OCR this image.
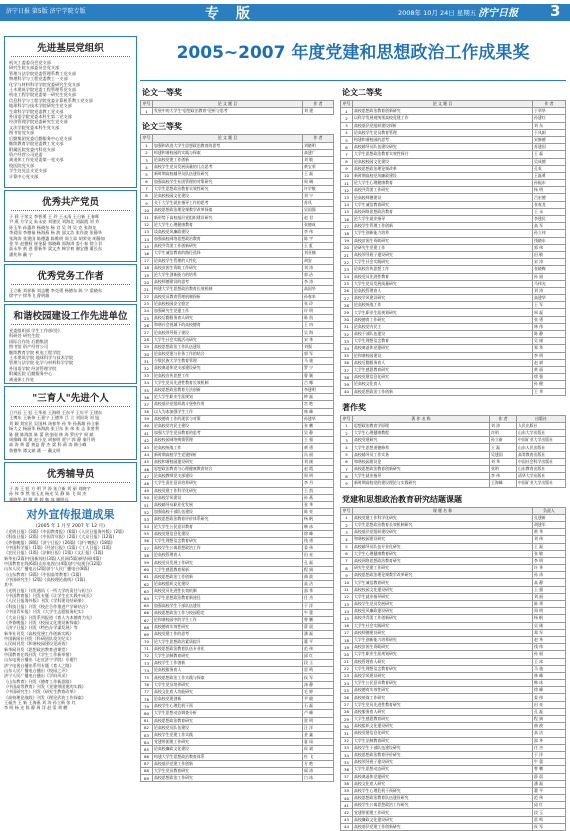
济宁日报 第5版 济宁学院专版	专 版	2008年 10月 24日 星期五 济宁日报 3
先进基层党组织
机关工委委员会党支部
研究生院支部委员会党支部
管理与法学院党委管理系教工党支部
物理科学与工程党委教工一支部
化学与材料科学学院党委研究生党支部
土木建筑学院党委工程管理系党支部
机电工程学院党委第一研究生党支部
信息科学与工程学院党委计算机系教工党支部
地球科学与技术学院研究生党支部
生命科学学院党委教工党支部
外国语学院党委本科生第二党支部
经济管理学院党委研究生党支部
文法学院党委本科生党支部
图书馆党支部
后勤集团党委后勤服务中心党支部
继续教育学院党委教工党支部
附属医院党委内科党支部
资产经营公司党委
离退休工作处党委第一党支部
校医院党支部
学生处党总支党支部
计算中心党支部
优秀共产党员
于 莉 于荣文 李智勇 王 玲 王永清 王日新 王春晖
尹 燕 方学文 朱永安 刘建民 刘海北 刘淑霞 刘 芳
孙玉华 孙惠珍 杨晓东 杨 君 吴 剑 吴 克 张海龙
李爱国 李德福 杨海燕 杨 波 邵文浩 张作波 张静华
张海涛 张建国 陈德惠 陈维明 周立章 胡荣亮 胡静如
金 华 赵德权 崔金磊 郭晓峰 郭海涛 姜小春 徐立君
高永华 黄 进 曹新华 梁文杰 韩学初 谢宝德 董长东
潘兆伟 戴 宁
优秀党务工作者
王立新 刘祥新 刘志鹏 李克勇 杨德东 陈 宁 梁晓东
徐宇宁 徐华飞 曹明雄
和谐校园建设工作先进单位
党委组织部 学生工作部(处)
科研处 研究生院
国际合作处 后勤集团
图书馆 资产经营公司
继续教育学院 机电工程学院
土木建筑学院 地球科学与技术学院
管理与法学院 化学与材料科学学院
外国语学院 经济管理学院
附属医院 后勤服务中心
离退休工作处
"三育人"先进个人
卫兴辰 王 虹 王华英 王海明 王东平 王年平 王建东
王博东 王新伟 王嘉宁 王德华 吕 立 刘国英 刘 旭
刘 颖 刘宏民 吴国林 汤春华 孙 华 孙燕雄 孙立新
杨大义 杨丽华 杨海波 张卫东 张 伟 张 志 张胜利
陈 健 陈海滨 陈 蕾 欧金刚 林 涛 罗庆宇 周 斌
周维峰 郑 敏 赵小龙 胡春明 贾宁 郭 静 秦月明
高 涛 黄 蕾 黄益 曹 杰 梁 科 蒋 涛 韩小峰
鲁德华 谭文斌 潘 一 戴文明
优秀辅导员
于 涛 王 虹 方 明 尹 涛 朱立新 刘 丽 刘晓宇
孙 伟 李 然 张玉龙 杨光 吴 静 陈 飞 周 杰
郑晓华 赵 敏 黄 婷 韩 冰 谢明远
对外宣传报道成果
(2005 年 1 月至 2007 年 12 月)
《光明日报》(3篇)《中国教育报》(6篇)《人民日报海外版》(2篇)
《科技日报》(2篇)《中国青年报》(2篇)《大众日报》(12篇)
《齐鲁晚报》(8篇)《济宁日报》(26篇)《济宁晚报》(18篇)
《中国科学报》(1篇)《经济日报》(1篇)《工人日报》(1篇)
《农民日报》(1篇)《法制日报》(1篇)《文汇报》(1篇)
新华社(2篇)中国新闻社(3篇)人民网(5篇)新华网(4篇)
中国教育在线(6篇)山东电视台(4篇)济宁电视台(12篇)
山东人民广播电台(2篇)济宁人民广播电台(8篇)
《山东教育》(3篇)《中国高等教育》(1篇)
《中国研究生》(2篇)《高校理论战线》(1篇)
其中:
《光明日报》刊发通讯《一所大学的责任与担当》
《中国教育报》刊发专题《让学生在实践中成长》
《人民日报海外版》刊发《学科建设结硕果》
《科技日报》刊发《校企合作推进产学研结合》
《中国青年报》刊发《大学生志愿服务纪实》
《大众日报》刊发系列报道《育人为本德育为先》
《齐鲁晚报》刊发《校园文化建设新探索》
《济宁日报》刊发《特色办学谋发展》等
新华社刊发《高校党建工作创新实践》
中国新闻社刊发《科研团队攻关纪实》
人民网刊发《和谐校园建设见成效》
新华网刊发《思想政治教育进课堂》
中国教育在线刊发《学生工作新举措》
山东电视台播出《走近济宁学院》专题片
济宁电视台播出系列专题《育人之路》
山东人民广播电台播出《校园之声》
济宁人民广播电台播出《学府风采》
《山东教育》刊发《德育工作新思路》
《中国高等教育》刊发《党建带团建的实践》
《中国研究生》刊发《研究生教育改革》
《高校理论战线》刊发《理论武装工作探索》
王福杰 王 新 王海燕 刘 涛 孙立新 张 红
李 明 杨 光 陈 静 周 洋 赵 雷 黄 鹏
2005~2007 年度党建和思想政治工作成果奖
论文一等奖
序号	论 文 题 目	作 者
1	发展中的大学生"思想政治教育"论析与思考	刘 建
论文三等奖
序号	论 文 题 目	作 者
1	加强和改进大学生思想政治教育的思考	刘晓明
2	构建和谐校园的实践与探索	高建广
3	论高校党建工作创新	刘 敏
4	高校学生党员发展质量的几点思考	黄宝荣
5	新时期高校辅导员队伍建设研究	王 磊
6	加强高校学生社团管理的对策研究	周 琳
7	大学生思想政治教育实效性研究	许学敏
8	论高校校园文化建设	刘 宁
9	关于大学生就业指导工作的思考	苏凤
10	高校思想政治理论课教学改革探索	吴国强
11	新形势下高校基层党组织建设研究	赵 君
12	论大学生心理健康教育	张德成
13	谈高校党风廉政建设	李 伟
14	加强高校网络思想政治教育	陈 宇
15	高校共青团工作创新研究	王 虹
16	大学生诚信教育的路径选择	刘亚楠
17	论高校学生管理的人性化	胡安
18	高校贫困生资助工作研究	刘 涛
19	论大学生创新能力的培养	郭 洁
20	高校师德建设的思考	李 涛
21	构建大学生思想政治教育长效机制	高国华
22	高校党员教育管理机制探析	孙春来
23	论高校校园安全稳定	张 玲
24	加强研究生党建工作	许 明
25	高校后勤服务育人研究	陈 凯
26	和谐社会视域下的高校德育	王 冉
27	论高校领导班子建设	吴 海
28	大学生社会实践活动研究	宋 华
29	高校思想政治工作队伍建设	刘强
30	论高校党建与业务工作的结合	郭 军
31	少数民族大学生教育管理	马 骏
32	高校离退休党支部建设研究	罗 宁
33	论高校宣传思想工作	曹 颖
34	大学生党员先进性教育长效机制	吕 娜
35	高校思想政治教育方法创新	李建明
36	论大学生职业生涯规划	钟 磊
37	高校基层党组织战斗堡垒作用	宫 艳
38	以人为本加强学生工作	林 峰
39	高校德育工作的现状与对策	孙建华
40	论高校党内民主建设	张 鹏
41	加强大学生党员教育的思考	吴 静
42	高校校园网络舆情管理	王 强
43	论高校统战工作	黄 勇
44	新时期高校学生党建探析	冯 丽
45	高校和谐校园建设研究	刘 刚
46	思想政治教育与心理健康教育结合	赵 霞
47	论高校教师党支部建设	周 明
48	大学生责任意识培养研究	李 丹
49	高校党建工作科学化研究	王 凯
50	论高校学风建设	孙 燕
51	高校辅导员职业化发展	张 华
52	加强高校干部队伍建设	陈 亮
53	高校思想政治教育评价体系研究	杨 帆
54	论大学生公民意识教育	韩 冰
55	高校党建信息化建设	徐 峰
56	大学生理想信念教育研究	钱 勇
57	高校学生公寓思想政治工作	姜 伟
58	论高校管理育人	田 亮
59	高校党员发展工作研究	孔 磊
60	大学生感恩教育探析	程 娟
61	高校思想政治工作创新	曲 波
62	论高校组织文化建设	高 洁
63	高校党员先进性长效机制	邵 华
64	大学生思想政治教育新途径	任 杰
65	加强高校学生干部队伍建设	于 洋
66	高校思想政治工作与校园稳定	牛 蕾
67	论和谐校园中的学生工作	曾 鹏
68	高校德育实效性研究	薛 晨
69	高校党建工作的思考	潘 磊
70	论大学生思想政治素质提升	董 平
71	高校思想政治教育队伍专业化	范 伟
72	大学生法制教育研究	邱 红
73	高校学生工作创新	段 玉
74	论高校服务育人	雷 鸣
75	高校思想政治工作实践与探索	侯 军
76	大学生党员培养研究	汤 静
77	高校文化育人功能研究	毛 婷
78	论高校党建创新	尹 晓
79	高校学生心理危机干预	石 磊
80	大学生思想动态调查分析	卢 峰
81	高校思想政治教育研究	贺 明
82	论高校党员队伍建设	汪 洋
83	高校学生党建工作实践	金 鑫
84	党建带团建工作研究	夏 雨
85	论高校廉政文化建设	侯 斌
86	构建大学生思想政治教育体系	杜 飞
87	高校基层党建工作创新	方 艳
88	大学生党员教育研究	阎 涛
89	高校思想政治工作研究	白 冰
论文二等奖
序号	论 文 题 目	作 者
1	高校思想政治教育创新研究	于翠华
2	以科学发展观统领高校党建工作	孙建红
3	高校基层党组织建设探析	刘 东
4	论高校学生党员教育管理	于凤娟
5	构建和谐校园的思考	宋修德
6	高校辅导员队伍建设研究	苏建国
7	大学生思想政治教育实效性探讨	王 磊
8	论高校校园文化建设	吴成德
9	高校思想政治理论课改革	孔英
10	新时期高校党风廉政建设	王磊勇
11	论大学生心理健康教育	孙振东
12	高校共青团工作研究	杨 明
13	论高校师德建设	吕宏德
14	大学生诚信教育研究	张春龙
15	高校网络思想政治教育	王 永
16	论大学生就业指导	李建民
17	高校学生管理工作创新	高 军
18	大学生创新能力培养	孙立伟
19	高校贫困生资助研究	钱晓东
20	论研究生党建工作	郭 伟
21	高校领导班子建设研究	田 敏
22	大学生社会实践研究	宋 涛
23	论高校宣传思想工作	张晓梅
24	高校党员先进性教育	孙 丽
25	大学生党员发展质量研究	马伟光
26	论高校管理育人	刘 涛
27	高校学风建设研究	高建华
28	论高校统战工作	王 军
29	大学生职业生涯规划研究	周 磊
30	高校德育工作研究	张 勇
31	论高校党内民主	林 伟
32	高校干部队伍建设	陈 静
33	大学生理想信念教育	吴 刚
34	高校离退休党建研究	郑 华
35	论和谐校园建设	李 明
36	高校后勤服务育人	赵 斌
37	大学生感恩教育研究	黄 丽
38	高校党建信息化研究	徐 强
39	论高校文化育人	孙 健
40	高校思想政治工作创新	王 华
著作奖
序号	著 作 名 称	作 者	出版社
1	思想政治教育学原理	刘 涛	人民出版社
2	大学生心理健康教程	许明	山东大学出版社
3	高校党建研究	孙立新	中国矿业大学出版社
4	大学生思想道德修养	王 磊	山东人民出版社
5	高校辅导员工作实务	吴建国	高等教育出版社
6	和谐校园建设论	刘 华	中国社会科学出版社
7	高校思想政治教育创新研究	张明	山东教育出版社
8	大学生就业指导	李 伟	清华大学出版社
9	新时期高校党的建设理论与实践研究	王海峰	中国矿业大学出版社
党建和思想政治教育研究结题课题
序号	课 题 名 称	负责人
1	高校党建工作科学化研究	孔建新
2	大学生思想政治教育长效机制研究	胡建军
3	高校基层党组织建设研究	黄 华
4	和谐校园建设研究	刘 伟
5	高校辅导员队伍专业化研究	王 磊
6	大学生心理健康教育研究	张 敏
7	高校网络思想政治教育研究	李 明
8	研究生党建工作研究	许 华
9	高校思想政治理论课教学改革研究	孙 涛
10	大学生诚信教育研究	高 静
11	高校校园文化建设研究	王 强
12	大学生就业指导研究	刘 丽
13	高校学生党员发展研究	陈 勇
14	高校党风廉政建设研究	周 明
15	高校共青团工作创新研究	杨 帆
16	大学生社会实践研究	吴 刚
17	高校师德建设研究	郑 军
18	大学生创新能力培养研究	赵 华
19	高校贫困生资助研究	钱 伟
20	大学生职业生涯规划研究	孙 丽
21	高校管理育人研究	王 冰
22	大学生理想信念教育研究	马 骏
23	高校学风建设研究	林 峰
24	大学生公民意识教育研究	韩 冰
25	高校德育实效性研究	徐 峰
26	高校统战工作研究	姜 伟
27	大学生党员先进性教育研究	田 亮
28	高校服务育人研究	孔 磊
29	大学生感恩教育研究	程 娟
30	高校组织文化建设研究	曲 波
31	高校党建信息化研究	高 洁
32	大学生法制教育研究	邵 华
33	高校学生干部队伍建设研究	任 杰
34	高校思想政治教育评价研究	于 洋
35	高校领导班子建设研究	牛 蕾
36	大学生思想动态研究	曾 鹏
37	高校离退休党建研究	薛 晨
38	高校文化育人研究	潘 磊
39	高校学生心理危机干预研究	董 平
40	高校思想政治教育队伍建设研究	范 伟
41	高校学生公寓思想政治工作研究	邱 红
42	党建带团建工作研究	段 玉
43	高校廉政文化建设研究	雷 鸣
44	高校基层党建工作创新研究	侯 军
